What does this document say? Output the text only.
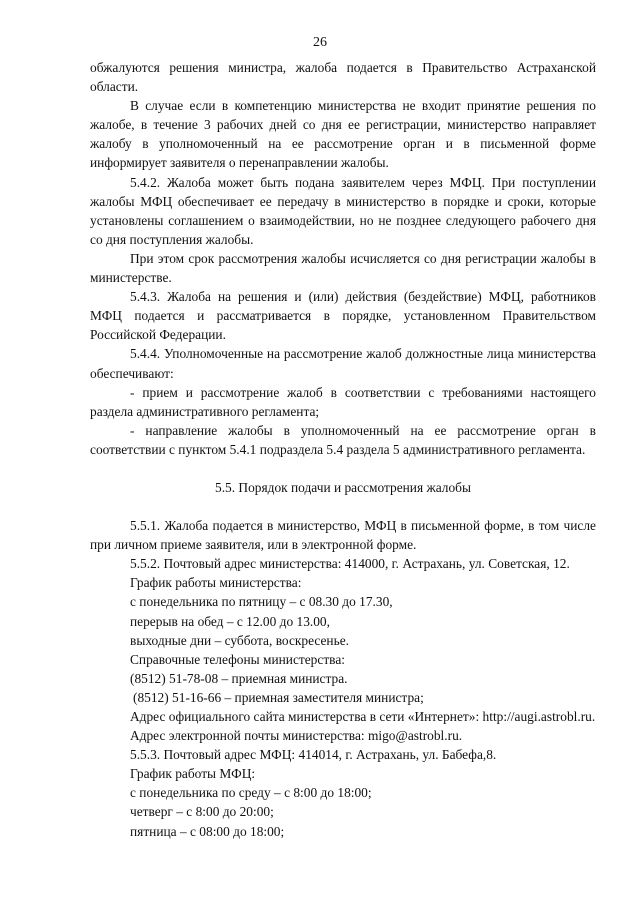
26

обжалуются решения министра, жалоба подается в Правительство Астраханской области.

В случае если в компетенцию министерства не входит принятие решения по жалобе, в течение 3 рабочих дней со дня ее регистрации, министерство направляет жалобу в уполномоченный на ее рассмотрение орган и в письменной форме информирует заявителя о перенаправлении жалобы.

5.4.2. Жалоба может быть подана заявителем через МФЦ. При поступлении жалобы МФЦ обеспечивает ее передачу в министерство в порядке и сроки, которые установлены соглашением о взаимодействии, но не позднее следующего рабочего дня со дня поступления жалобы.

При этом срок рассмотрения жалобы исчисляется со дня регистрации жалобы в министерстве.

5.4.3. Жалоба на решения и (или) действия (бездействие) МФЦ, работников МФЦ подается и рассматривается в порядке, установленном Правительством Российской Федерации.

5.4.4. Уполномоченные на рассмотрение жалоб должностные лица министерства обеспечивают:

- прием и рассмотрение жалоб в соответствии с требованиями настоящего раздела административного регламента;

- направление жалобы в уполномоченный на ее рассмотрение орган в соответствии с пунктом 5.4.1 подраздела 5.4 раздела 5 административного регламента.

5.5. Порядок подачи и рассмотрения жалобы

5.5.1. Жалоба подается в министерство, МФЦ в письменной форме, в том числе при личном приеме заявителя, или в электронной форме.

5.5.2. Почтовый адрес министерства: 414000, г. Астрахань, ул. Советская, 12.

График работы министерства:

с понедельника по пятницу – с 08.30 до 17.30,

перерыв на обед – с 12.00 до 13.00,

выходные дни – суббота, воскресенье.

Справочные телефоны министерства:

(8512) 51-78-08 – приемная министра.

(8512) 51-16-66 – приемная заместителя министра;

Адрес официального сайта министерства в сети «Интернет»: http://augi.astrobl.ru.

Адрес электронной почты министерства: migo@astrobl.ru.

5.5.3. Почтовый адрес МФЦ: 414014, г. Астрахань, ул. Бабефа,8.

График работы МФЦ:

с понедельника по среду – с 8:00 до 18:00;

четверг – с 8:00 до 20:00;

пятница – с 08:00 до 18:00;
